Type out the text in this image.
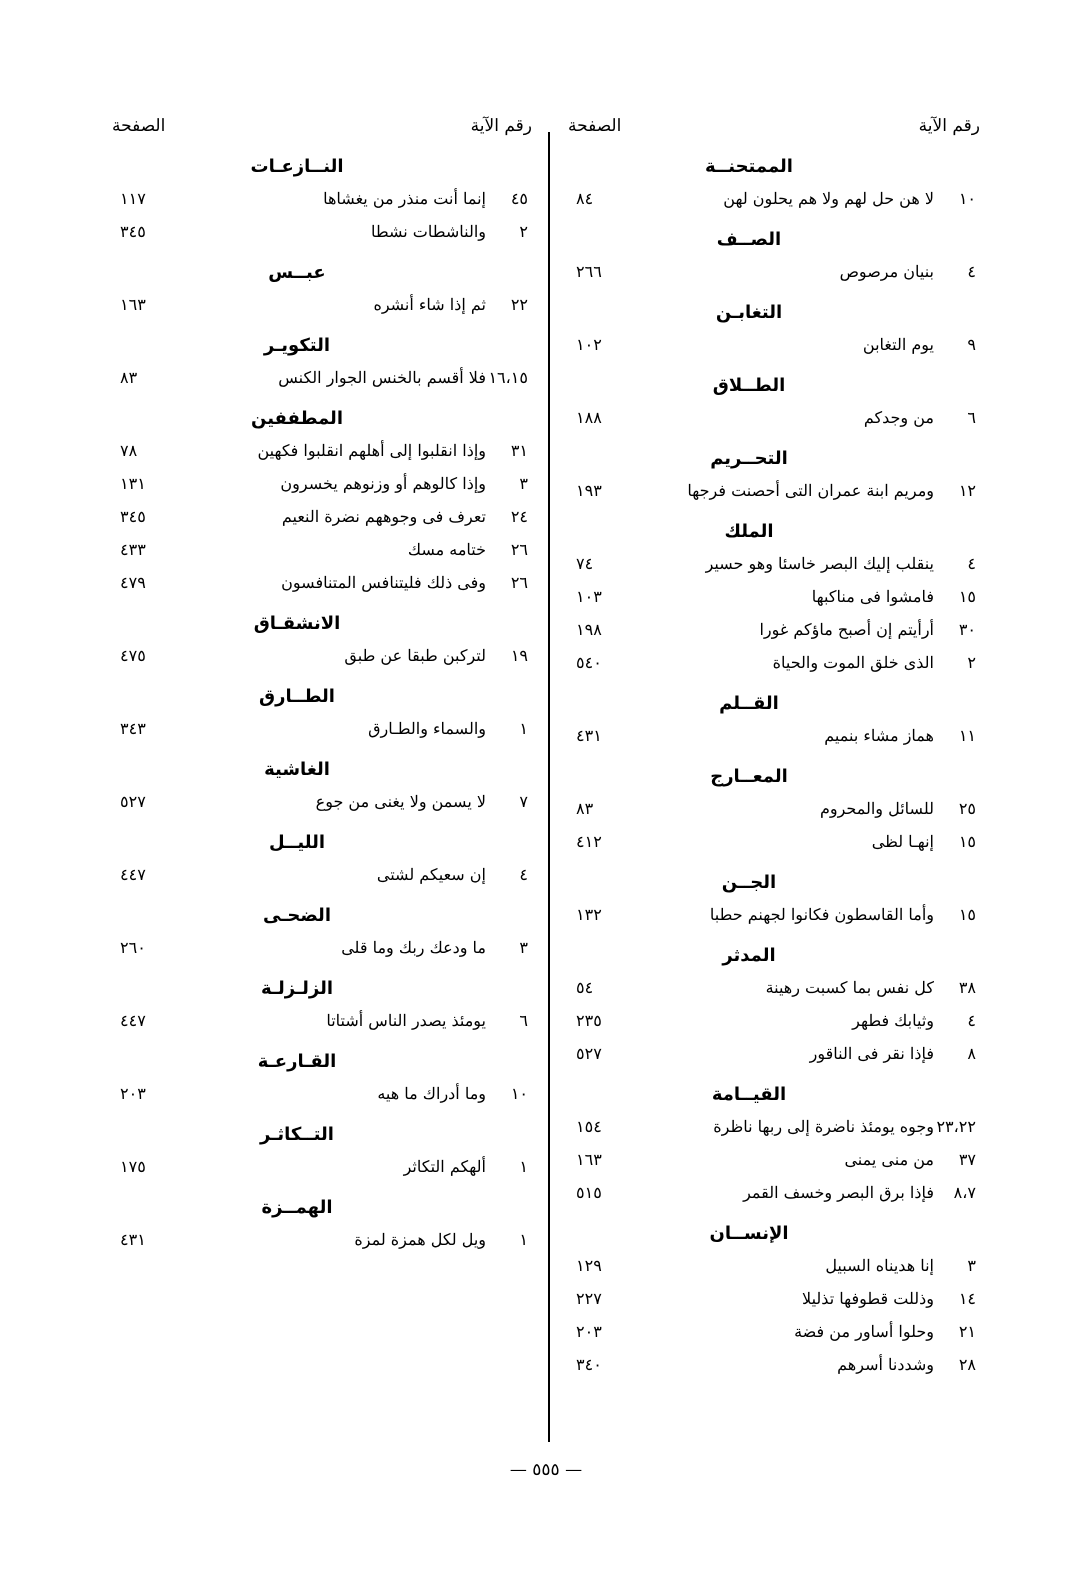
رقم الآية
الصفحة
الممتحنــة
١٠
لا هن حل لهم ولا هم يحلون لهن
٨٤
الصــف
٤
بنيان مرصوص
٢٦٦
التغابـن
٩
يوم التغابن
١٠٢
الطــلاق
٦
من وجدكم
١٨٨
التحــريم
١٢
ومريم ابنة عمران التى أحصنت فرجها
١٩٣
الملك
٤
ينقلب إليك البصر خاسئا وهو حسير
٧٤
١٥
فامشوا فى مناكبها
١٠٣
٣٠
أرأيتم إن أصبح ماؤكم غورا
١٩٨
٢
الذى خلق الموت والحياة
٥٤٠
القــلم
١١
هماز مشاء بنميم
٤٣١
المعــارج
٢٥
للسائل والمحروم
٨٣
١٥
إنهـا لظى
٤١٢
الجــن
١٥
وأما القاسطون فكانوا لجهنم حطبا
١٣٢
المدثر
٣٨
كل نفس بما كسبت رهينة
٥٤
٤
وثيابك فطهر
٢٣٥
٨
فإذا نقر فى الناقور
٥٢٧
القيــامة
٢٣،٢٢
وجوه يومئذ ناضرة إلى ربها ناظرة
١٥٤
٣٧
من منى يمنى
١٦٣
٨،٧
فإذا برق البصر وخسف القمر
٥١٥
الإنســان
٣
إنا هديناه السبيل
١٢٩
١٤
وذللت قطوفها تذليلا
٢٢٧
٢١
وحلوا أساور من فضة
٢٠٣
٢٨
وشددنا أسرهم
٣٤٠
رقم الآية
الصفحة
النــازعـات
٤٥
إنما أنت منذر من يغشاها
١١٧
٢
والناشطات نشطا
٣٤٥
عبــس
٢٢
ثم إذا شاء أنشره
١٦٣
التكويـر
١٦،١٥
فلا أقسم بالخنس الجوار الكنس
٨٣
المطففين
٣١
وإذا انقلبوا إلى أهلهم انقلبوا فكهين
٧٨
٣
وإذا كالوهم أو وزنوهم يخسرون
١٣١
٢٤
تعرف فى وجوههم نضرة النعيم
٣٤٥
٢٦
ختامه مسك
٤٣٣
٢٦
وفى ذلك فليتنافس المتنافسون
٤٧٩
الانشقـاق
١٩
لتركبن طبقا عن طبق
٤٧٥
الطــارق
١
والسماء والطـارق
٣٤٣
الغاشية
٧
لا يسمن ولا يغنى من جوع
٥٢٧
الليــل
٤
إن سعيكم لشتى
٤٤٧
الضحـى
٣
ما ودعك ربك وما قلى
٢٦٠
الزلـزلـة
٦
يومئذ يصدر الناس أشتاتا
٤٤٧
القـارعـة
١٠
وما أدراك ما هيه
٢٠٣
التــكاثـر
١
ألهكم التكاثر
١٧٥
الهمــزة
١
ويل لكل همزة لمزة
٤٣١
— ٥٥٥ —
